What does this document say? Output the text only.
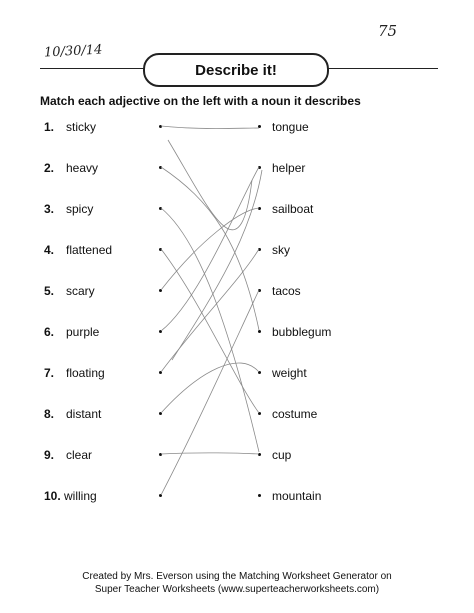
10/30/14
75
Describe it!
Match each adjective on the left with a noun it describes
1. sticky	tongue
2. heavy	helper
3. spicy	sailboat
4. flattened	sky
5. scary	tacos
6. purple	bubblegum
7. floating	weight
8. distant	costume
9. clear	cup
10. willing	mountain
Created by Mrs. Everson using the Matching Worksheet Generator on
Super Teacher Worksheets (www.superteacherworksheets.com)
